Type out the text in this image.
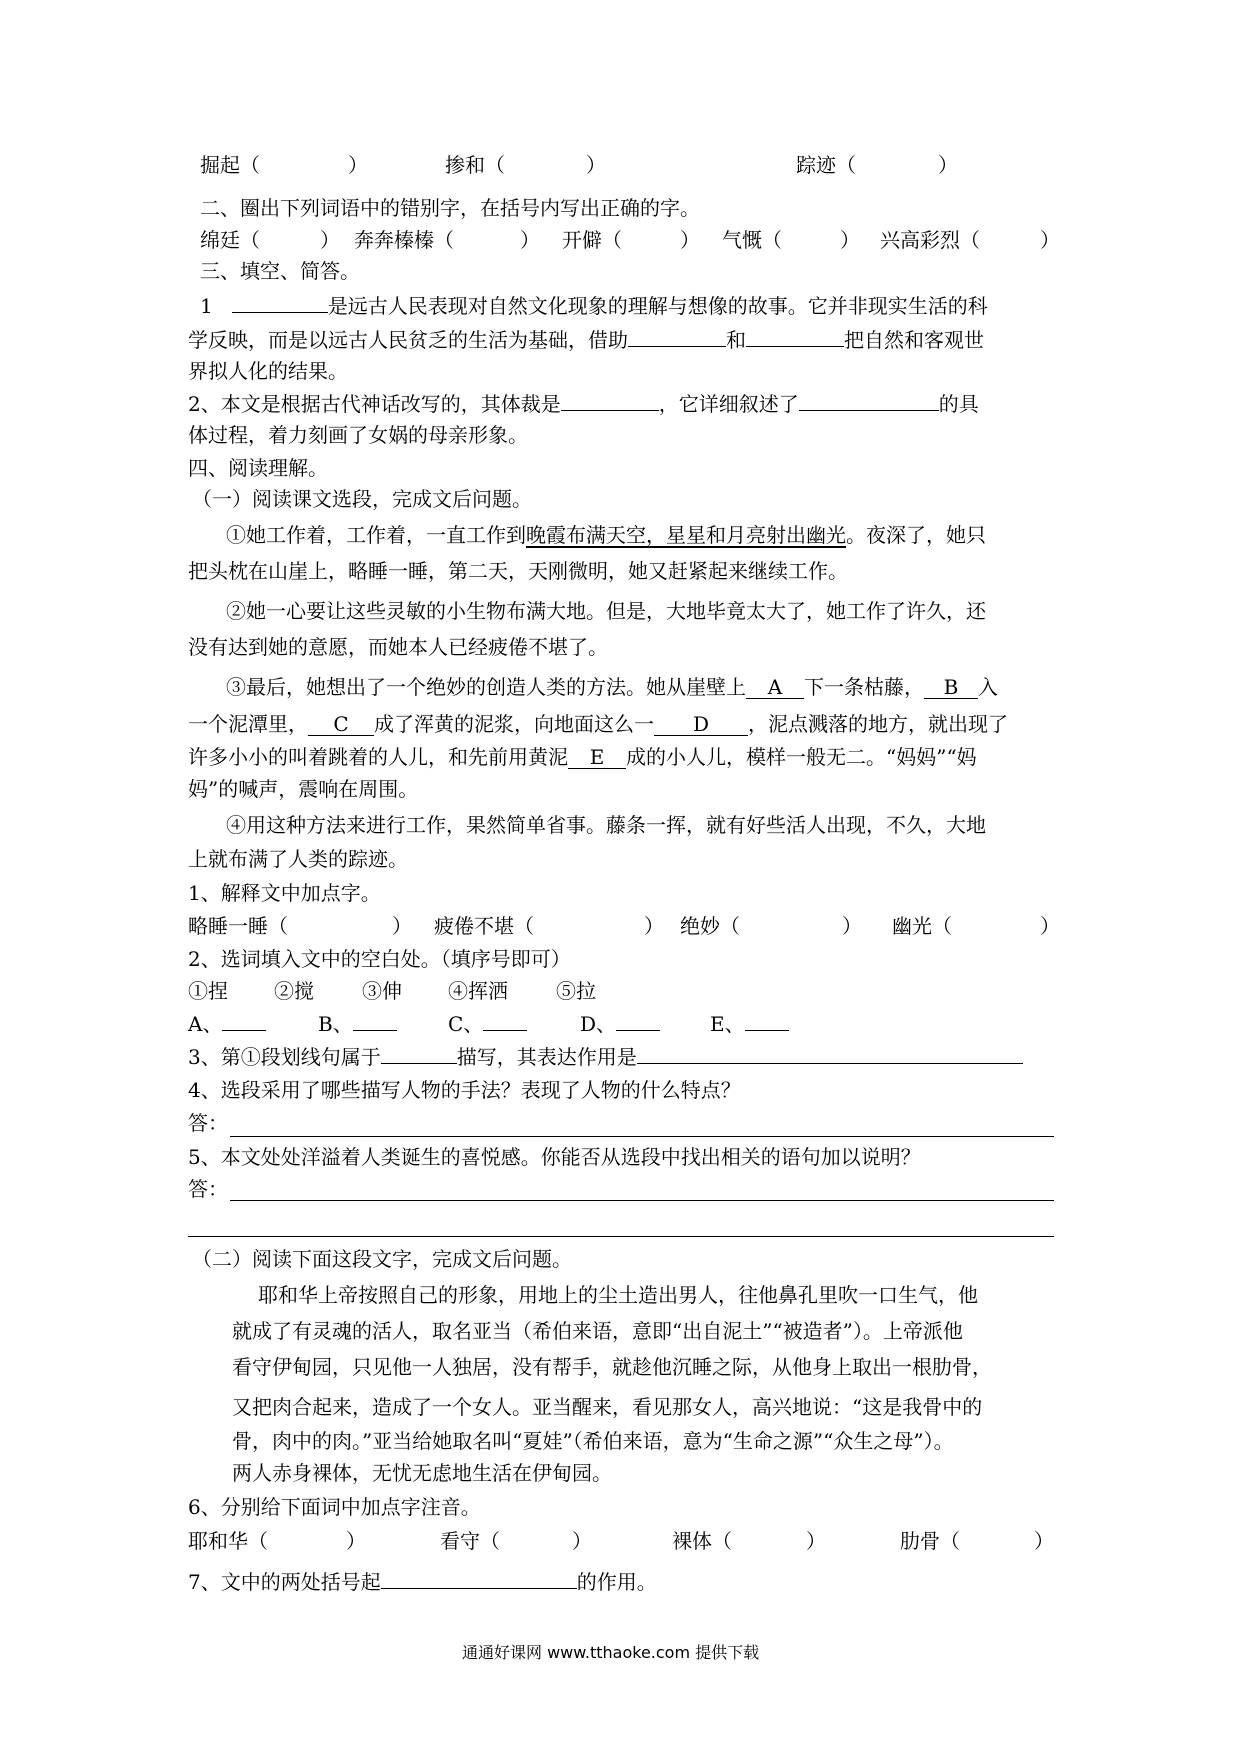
掘起（	）	掺和（	）	踪迹（	）
二、圈出下列词语中的错别字，在括号内写出正确的字。
绵廷（	） 奔奔榛榛（	） 开僻（	） 气慨（	） 兴高彩烈（	）
三、填空、简答。
1	是远古人民表现对自然文化现象的理解与想像的故事。它并非现实生活的科
学反映，而是以远古人民贫乏的生活为基础，借助	和	把自然和客观世
界拟人化的结果。
2、本文是根据古代神话改写的，其体裁是	，它详细叙述了	的具
体过程，着力刻画了女娲的母亲形象。
四、阅读理解。
（一）阅读课文选段，完成文后问题。
①她工作着，工作着，一直工作到晚霞布满天空，星星和月亮射出幽光。夜深了，她只
把头枕在山崖上，略睡一睡，第二天，天刚微明，她又赶紧起来继续工作。
②她一心要让这些灵敏的小生物布满大地。但是，大地毕竟太大了，她工作了许久，还
没有达到她的意愿，而她本人已经疲倦不堪了。
③最后，她想出了一个绝妙的创造人类的方法。她从崖壁上 A 下一条枯藤， B 入
一个泥潭里， C 成了浑黄的泥浆，向地面这么一 D ，泥点溅落的地方，就出现了
许多小小的叫着跳着的人儿，和先前用黄泥 E 成的小人儿，模样一般无二。“妈妈”“妈
妈”的喊声，震响在周围。
④用这种方法来进行工作，果然简单省事。藤条一挥，就有好些活人出现，不久，大地
上就布满了人类的踪迹。
1、解释文中加点字。
略睡一睡（	） 疲倦不堪（	） 绝妙（	） 幽光（	）
2、选词填入文中的空白处。（填序号即可）
①捏 ②搅 ③伸 ④挥洒 ⑤拉
A、	B、	C、	D、	E、
3、第①段划线句属于	描写，其表达作用是
4、选段采用了哪些描写人物的手法？表现了人物的什么特点？
答：
5、本文处处洋溢着人类诞生的喜悦感。你能否从选段中找出相关的语句加以说明？
答：
（二）阅读下面这段文字，完成文后问题。
耶和华上帝按照自己的形象，用地上的尘土造出男人，往他鼻孔里吹一口生气，他
就成了有灵魂的活人，取名亚当（希伯来语，意即“出自泥土”“被造者”）。上帝派他
看守伊甸园，只见他一人独居，没有帮手，就趁他沉睡之际，从他身上取出一根肋骨，
又把肉合起来，造成了一个女人。亚当醒来，看见那女人，高兴地说：“这是我骨中的
骨，肉中的肉。”亚当给她取名叫“夏娃”（希伯来语，意为“生命之源”“众生之母”）。
两人赤身裸体，无忧无虑地生活在伊甸园。
6、分别给下面词中加点字注音。
耶和华（	）	看守（	）	裸体（	）	肋骨（	）
7、文中的两处括号起	的作用。
通通好课网 www.tthaoke.com 提供下载
